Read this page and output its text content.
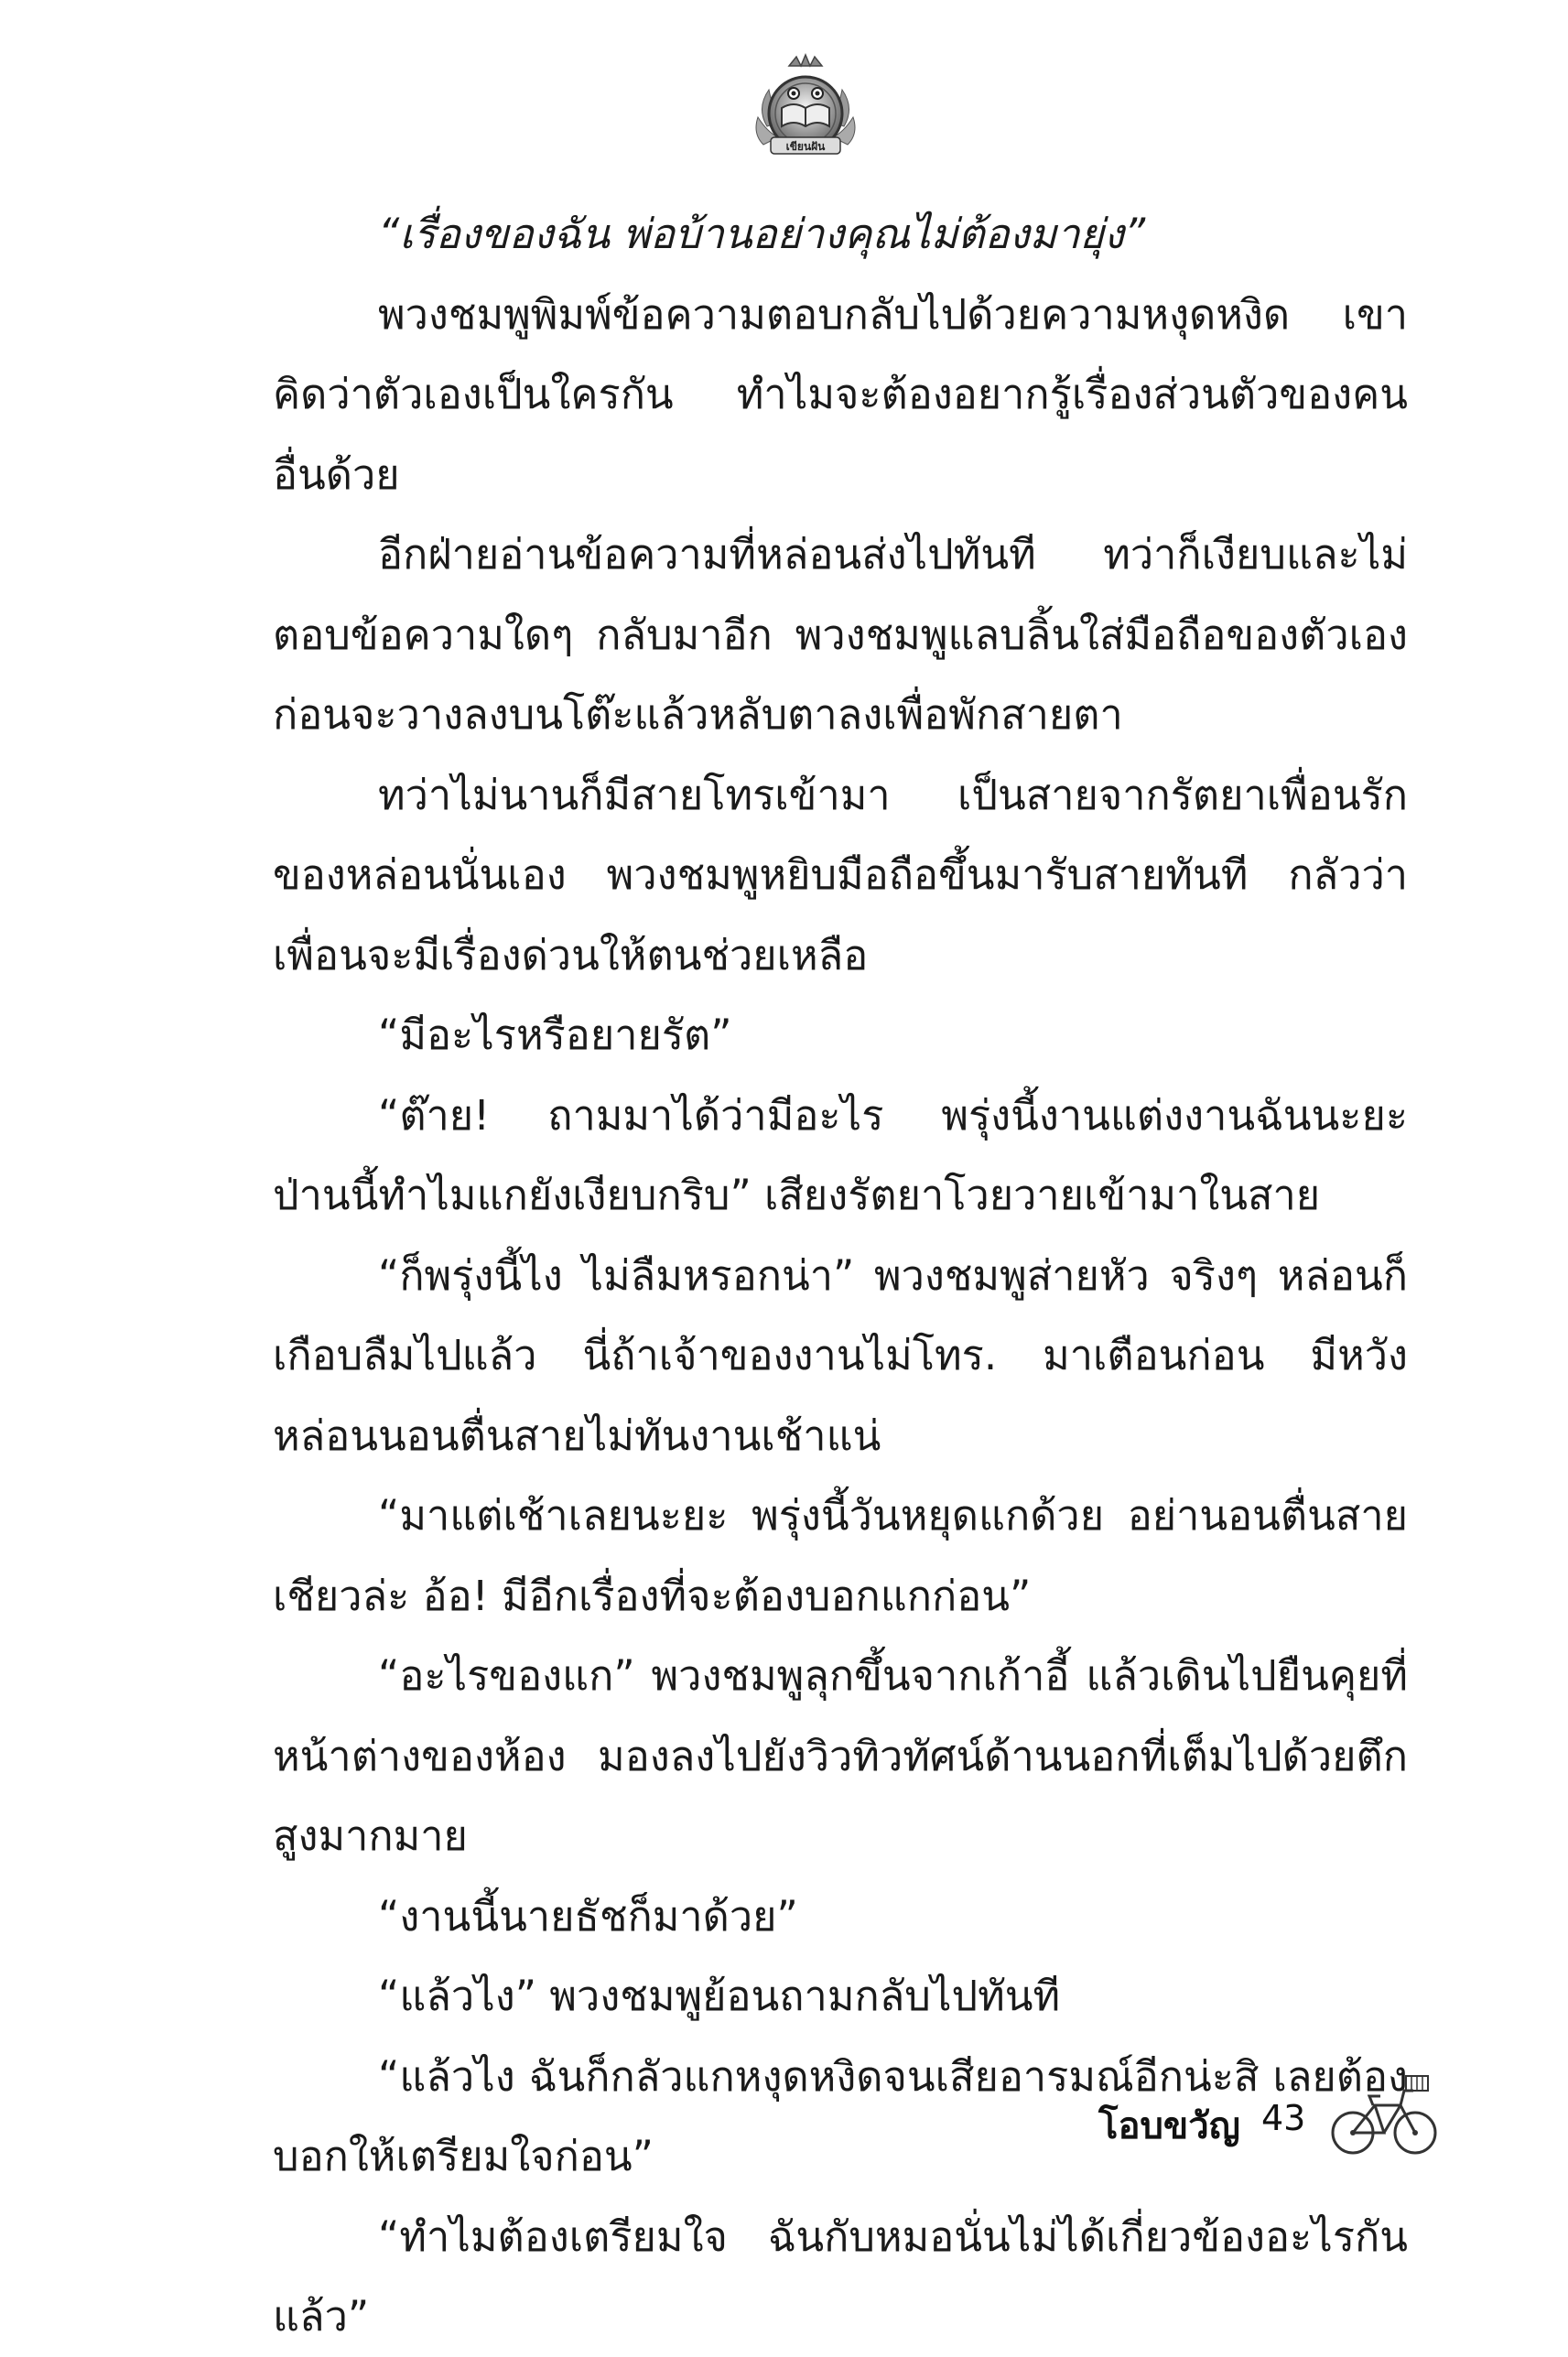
เขียนฝัน

“เรื่องของฉัน พ่อบ้านอย่างคุณไม่ต้องมายุ่ง”

พวงชมพูพิมพ์ข้อความตอบกลับไปด้วยความหงุดหงิด เขาคิดว่าตัวเองเป็นใครกัน ทำไมจะต้องอยากรู้เรื่องส่วนตัวของคนอื่นด้วย

อีกฝ่ายอ่านข้อความที่หล่อนส่งไปทันที ทว่าก็เงียบและไม่ตอบข้อความใดๆ กลับมาอีก พวงชมพูแลบลิ้นใส่มือถือของตัวเองก่อนจะวางลงบนโต๊ะแล้วหลับตาลงเพื่อพักสายตา

ทว่าไม่นานก็มีสายโทรเข้ามา เป็นสายจากรัตยาเพื่อนรักของหล่อนนั่นเอง พวงชมพูหยิบมือถือขึ้นมารับสายทันที กลัวว่าเพื่อนจะมีเรื่องด่วนให้ตนช่วยเหลือ

“มีอะไรหรือยายรัต”

“ต๊าย! ถามมาได้ว่ามีอะไร พรุ่งนี้งานแต่งงานฉันนะยะ ป่านนี้ทำไมแกยังเงียบกริบ” เสียงรัตยาโวยวายเข้ามาในสาย

“ก็พรุ่งนี้ไง ไม่ลืมหรอกน่า” พวงชมพูส่ายหัว จริงๆ หล่อนก็เกือบลืมไปแล้ว นี่ถ้าเจ้าของงานไม่โทร. มาเตือนก่อน มีหวังหล่อนนอนตื่นสายไม่ทันงานเช้าแน่

“มาแต่เช้าเลยนะยะ พรุ่งนี้วันหยุดแกด้วย อย่านอนตื่นสายเชียวล่ะ อ้อ! มีอีกเรื่องที่จะต้องบอกแกก่อน”

“อะไรของแก” พวงชมพูลุกขึ้นจากเก้าอี้ แล้วเดินไปยืนคุยที่หน้าต่างของห้อง มองลงไปยังวิวทิวทัศน์ด้านนอกที่เต็มไปด้วยตึกสูงมากมาย

“งานนี้นายธัชก็มาด้วย”

“แล้วไง” พวงชมพูย้อนถามกลับไปทันที

“แล้วไง ฉันก็กลัวแกหงุดหงิดจนเสียอารมณ์อีกน่ะสิ เลยต้องบอกให้เตรียมใจก่อน”

“ทำไมต้องเตรียมใจ ฉันกับหมอนั่นไม่ได้เกี่ยวข้องอะไรกันแล้ว”

โอบขวัญ 43
